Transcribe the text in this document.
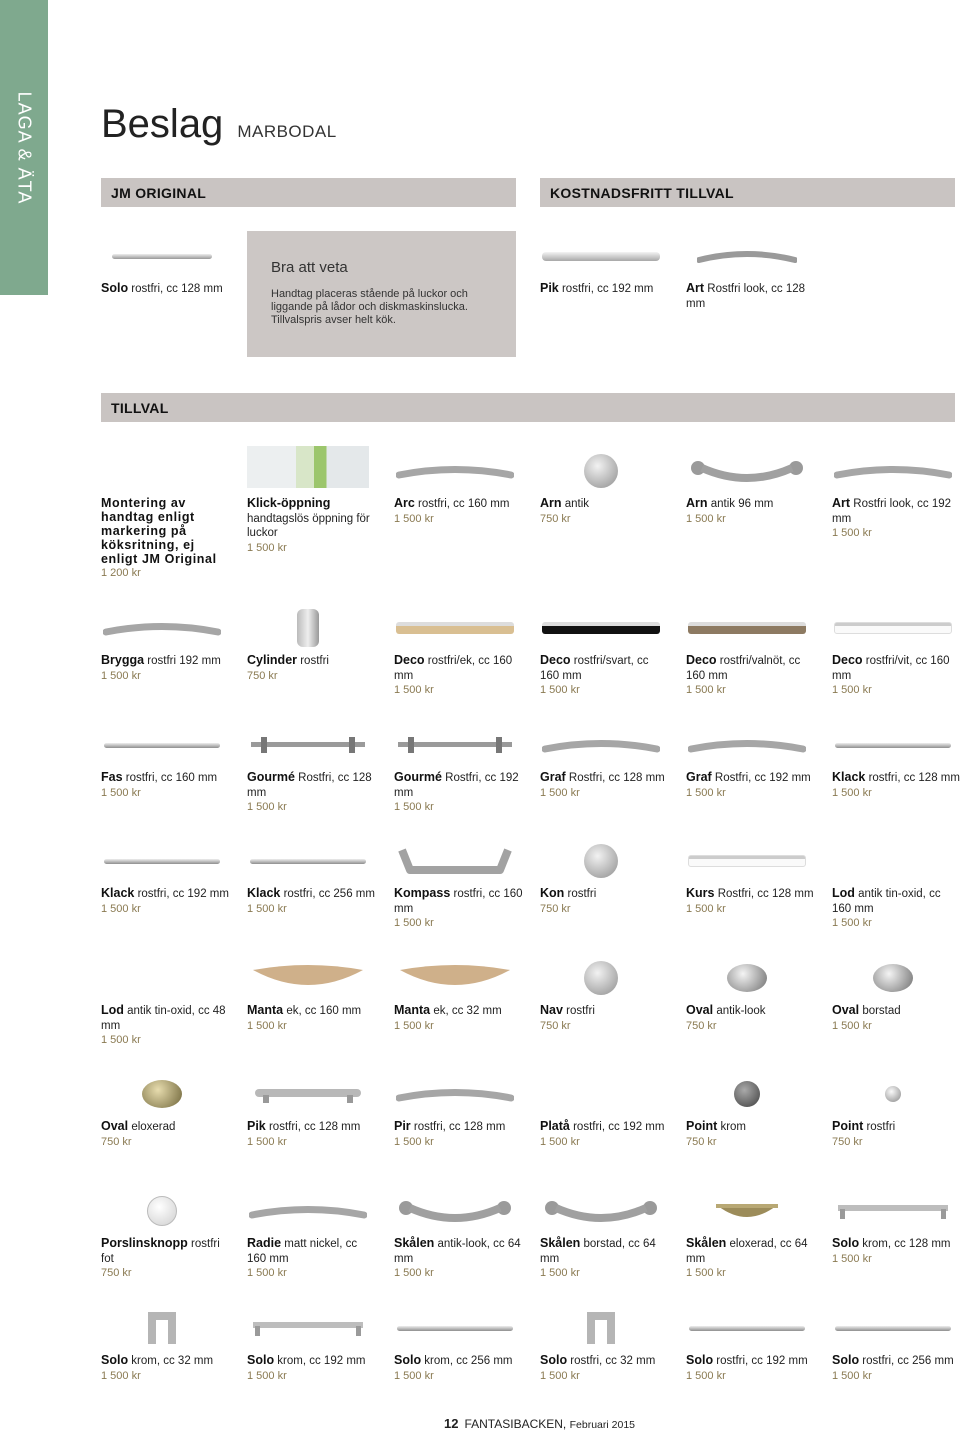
LAGA & ÄTA Beslag MARBODAL
JM ORIGINAL	KOSTNADSFRITT TILLVAL
TILLVAL
Bra att veta
Handtag placeras stående på luckor och liggande på lådor och diskmaskinslucka. Tillvalspris avser helt kök.
Solo rostfri, cc 128 mm	Pik rostfri, cc 192 mm	Art Rostfri look, cc 128 mm
Montering av handtag enligt markering på köksritning, ej enligt JM Original
1 200 kr
Klick-öppning
handtagslös öppning för luckor
1 500 kr
Arc rostfri, cc 160 mm
1 500 kr
Arn antik
750 kr
Arn antik 96 mm
1 500 kr
Art Rostfri look, cc 192 mm
1 500 kr
Brygga rostfri 192 mm
1 500 kr
Cylinder rostfri
750 kr
Deco rostfri/ek, cc 160 mm
1 500 kr
Deco rostfri/svart, cc 160 mm
1 500 kr
Deco rostfri/valnöt, cc 160 mm
1 500 kr
Deco rostfri/vit, cc 160 mm
1 500 kr
Fas rostfri, cc 160 mm
1 500 kr
Gourmé Rostfri, cc 128 mm
1 500 kr
Gourmé Rostfri, cc 192 mm
1 500 kr
Graf Rostfri, cc 128 mm
1 500 kr
Graf Rostfri, cc 192 mm
1 500 kr
Klack rostfri, cc 128 mm
1 500 kr
Klack rostfri, cc 192 mm
1 500 kr
Klack rostfri, cc 256 mm
1 500 kr
Kompass rostfri, cc 160 mm
1 500 kr
Kon rostfri
750 kr
Kurs Rostfri, cc 128 mm
1 500 kr
Lod antik tin-oxid, cc 160 mm
1 500 kr
Lod antik tin-oxid, cc 48 mm
1 500 kr
Manta ek, cc 160 mm
1 500 kr
Manta ek, cc 32 mm
1 500 kr
Nav rostfri
750 kr
Oval antik-look
750 kr
Oval borstad
1 500 kr
Oval eloxerad
750 kr
Pik rostfri, cc 128 mm
1 500 kr
Pir rostfri, cc 128 mm
1 500 kr
Platå rostfri, cc 192 mm
1 500 kr
Point krom
750 kr
Point rostfri
750 kr
Porslinsknopp rostfri fot
750 kr
Radie matt nickel, cc 160 mm
1 500 kr
Skålen antik-look, cc 64 mm
1 500 kr
Skålen borstad, cc 64 mm
1 500 kr
Skålen eloxerad, cc 64 mm
1 500 kr
Solo krom, cc 128 mm
1 500 kr
Solo krom, cc 32 mm
1 500 kr
Solo krom, cc 192 mm
1 500 kr
Solo krom, cc 256 mm
1 500 kr
Solo rostfri, cc 32 mm
1 500 kr
Solo rostfri, cc 192 mm
1 500 kr
Solo rostfri, cc 256 mm
1 500 kr
12 FANTASIBACKEN, Februari 2015
